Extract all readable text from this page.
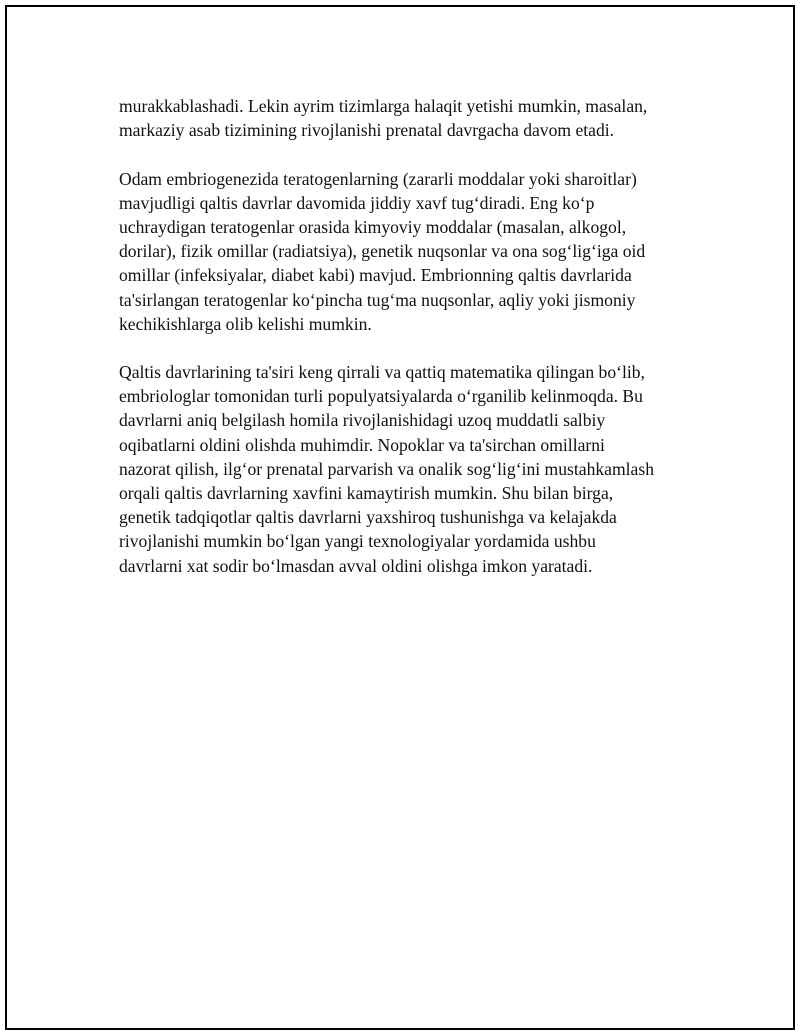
murakkablashadi. Lekin ayrim tizimlarga halaqit yetishi mumkin, masalan,
markaziy asab tizimining rivojlanishi prenatal davrgacha davom etadi.
Odam embriogenezida teratogenlarning (zararli moddalar yoki sharoitlar)
mavjudligi qaltis davrlar davomida jiddiy xavf tug‘diradi. Eng ko‘p
uchraydigan teratogenlar orasida kimyoviy moddalar (masalan, alkogol,
dorilar), fizik omillar (radiatsiya), genetik nuqsonlar va ona sog‘lig‘iga oid
omillar (infeksiyalar, diabet kabi) mavjud. Embrionning qaltis davrlarida
ta'sirlangan teratogenlar ko‘pincha tug‘ma nuqsonlar, aqliy yoki jismoniy
kechikishlarga olib kelishi mumkin.
Qaltis davrlarining ta'siri keng qirrali va qattiq matematika qilingan bo‘lib,
embriologlar tomonidan turli populyatsiyalarda o‘rganilib kelinmoqda. Bu
davrlarni aniq belgilash homila rivojlanishidagi uzoq muddatli salbiy
oqibatlarni oldini olishda muhimdir. Nopoklar va ta'sirchan omillarni
nazorat qilish, ilg‘or prenatal parvarish va onalik sog‘lig‘ini mustahkamlash
orqali qaltis davrlarning xavfini kamaytirish mumkin. Shu bilan birga,
genetik tadqiqotlar qaltis davrlarni yaxshiroq tushunishga va kelajakda
rivojlanishi mumkin bo‘lgan yangi texnologiyalar yordamida ushbu
davrlarni xat sodir bo‘lmasdan avval oldini olishga imkon yaratadi.
